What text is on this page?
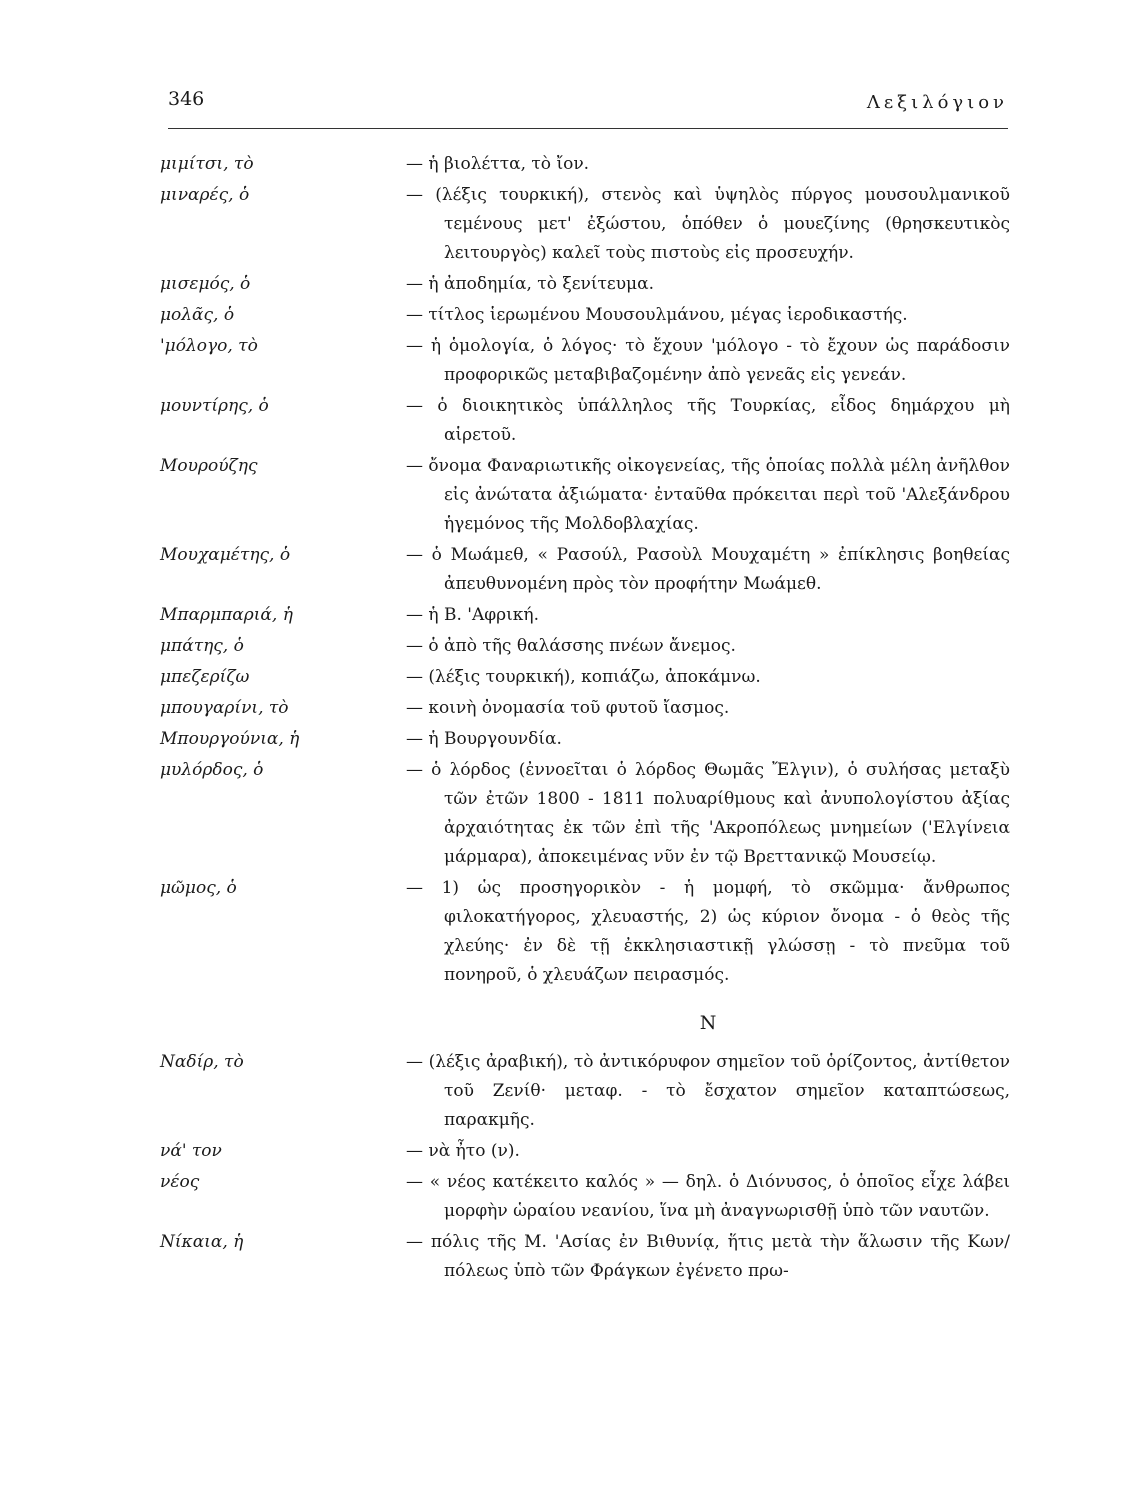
346	Λεξιλόγιον
μιμίτσι, τὸ	— ἡ βιολέττα, τὸ ἴον.
μιναρές, ὁ	— (λέξις τουρκική), στενὸς καὶ ὑψηλὸς πύργος μουσουλμανικοῦ τεμένους μετ' ἐξώστου, ὁπόθεν ὁ μουεζίνης (θρησκευτικὸς λειτουργὸς) καλεῖ τοὺς πιστοὺς εἰς προσευχήν.
μισεμός, ὁ	— ἡ ἀποδημία, τὸ ξενίτευμα.
μολᾶς, ὁ	— τίτλος ἱερωμένου Μουσουλμάνου, μέγας ἱεροδικαστής.
'μόλογο, τὸ	— ἡ ὁμολογία, ὁ λόγος· τὸ ἔχουν 'μόλογο - τὸ ἔχουν ὡς παράδοσιν προφορικῶς μεταβιβαζομένην ἀπὸ γενεᾶς εἰς γενεάν.
μουντίρης, ὁ	— ὁ διοικητικὸς ὑπάλληλος τῆς Τουρκίας, εἶδος δημάρχου μὴ αἱρετοῦ.
Μουρούζης	— ὄνομα Φαναριωτικῆς οἰκογενείας, τῆς ὁποίας πολλὰ μέλη ἀνῆλθον εἰς ἀνώτατα ἀξιώματα· ἐνταῦθα πρόκειται περὶ τοῦ 'Αλεξάνδρου ἡγεμόνος τῆς Μολδοβλαχίας.
Μουχαμέτης, ὁ	— ὁ Μωάμεθ, « Ρασούλ, Ρασοὺλ Μουχαμέτη » ἐπίκλησις βοηθείας ἀπευθυνομένη πρὸς τὸν προφήτην Μωάμεθ.
Μπαρμπαριά, ἡ	— ἡ Β. 'Αφρική.
μπάτης, ὁ	— ὁ ἀπὸ τῆς θαλάσσης πνέων ἄνεμος.
μπεζερίζω	— (λέξις τουρκική), κοπιάζω, ἀποκάμνω.
μπουγαρίνι, τὸ	— κοινὴ ὀνομασία τοῦ φυτοῦ ἴασμος.
Μπουργούνια, ἡ	— ἡ Βουργουνδία.
μυλόρδος, ὁ	— ὁ λόρδος (ἐννοεῖται ὁ λόρδος Θωμᾶς Ἔλγιν), ὁ συλήσας μεταξὺ τῶν ἐτῶν 1800 - 1811 πολυαρίθμους καὶ ἀνυπολογίστου ἀξίας ἀρχαιότητας ἐκ τῶν ἐπὶ τῆς 'Ακροπόλεως μνημείων ('Ελγίνεια μάρμαρα), ἀποκειμένας νῦν ἐν τῷ Βρεττανικῷ Μουσείῳ.
μῶμος, ὁ	— 1) ὡς προσηγορικὸν - ἡ μομφή, τὸ σκῶμμα· ἄνθρωπος φιλοκατήγορος, χλευαστής, 2) ὡς κύριον ὄνομα - ὁ θεὸς τῆς χλεύης· ἐν δὲ τῇ ἐκκλησιαστικῇ γλώσσῃ - τὸ πνεῦμα τοῦ πονηροῦ, ὁ χλευάζων πειρασμός.
Ν
Ναδίρ, τὸ	— (λέξις ἀραβική), τὸ ἀντικόρυφον σημεῖον τοῦ ὁρίζοντος, ἀντίθετον τοῦ Ζενίθ· μεταφ. - τὸ ἔσχατον σημεῖον καταπτώσεως, παρακμῆς.
νά' τον	— νὰ ἦτο (ν).
νέος	— « νέος κατέκειτο καλός » — δηλ. ὁ Διόνυσος, ὁ ὁποῖος εἶχε λάβει μορφὴν ὡραίου νεανίου, ἵνα μὴ ἀναγνωρισθῇ ὑπὸ τῶν ναυτῶν.
Νίκαια, ἡ	— πόλις τῆς Μ. 'Ασίας ἐν Βιθυνίᾳ, ἥτις μετὰ τὴν ἅλωσιν τῆς Κων/πόλεως ὑπὸ τῶν Φράγκων ἐγένετο πρω-
